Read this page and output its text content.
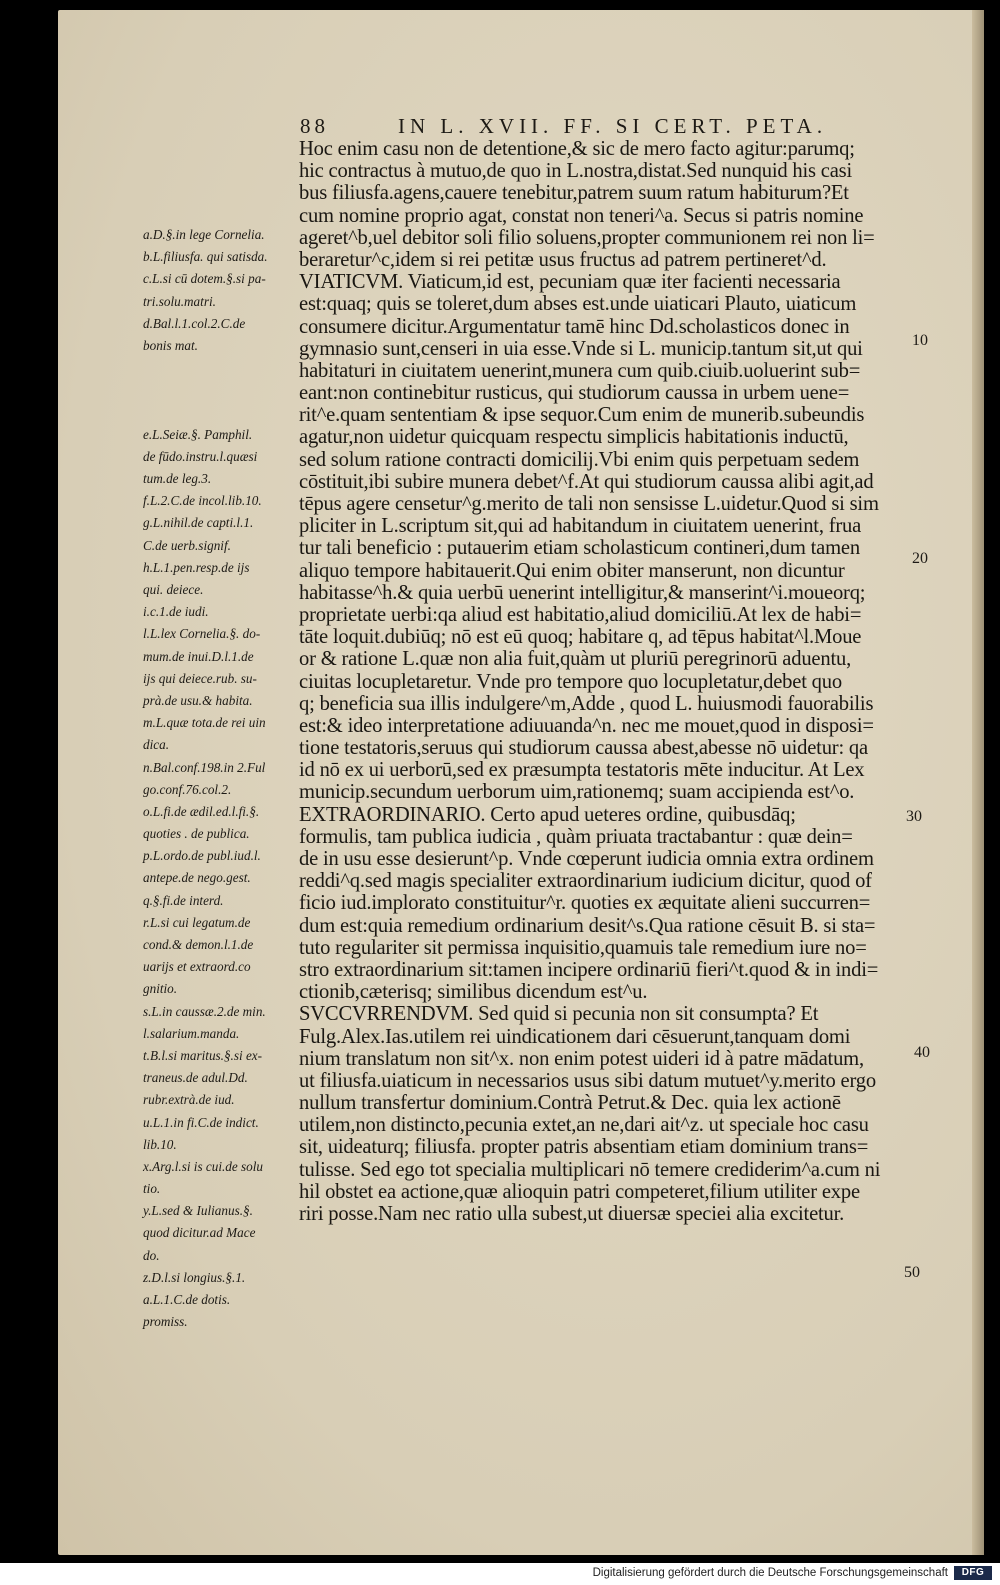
88	IN L. XVII. FF. SI CERT. PETA.
Hoc enim casu non de detentione,& sic de mero facto agitur:parumq;
hic contractus à mutuo,de quo in L.nostra,distat.Sed nunquid his casi
bus filiusfa.agens,cauere tenebitur,patrem suum ratum habiturum?Et
cum nomine proprio agat, constat non teneri^a. Secus si patris nomine
ageret^b,uel debitor soli filio soluens,propter communionem rei non li=
beraretur^c,idem si rei petitæ usus fructus ad patrem pertineret^d.
VIATICVM. Viaticum,id est, pecuniam quæ iter facienti necessaria
est:quaq; quis se toleret,dum abses est.unde uiaticari Plauto, uiaticum
consumere dicitur.Argumentatur tamē hinc Dd.scholasticos donec in
gymnasio sunt,censeri in uia esse.Vnde si L. municip.tantum sit,ut qui
habitaturi in ciuitatem uenerint,munera cum quib.ciuib.uoluerint sub=
eant:non continebitur rusticus, qui studiorum caussa in urbem uene=
rit^e.quam sententiam & ipse sequor.Cum enim de munerib.subeundis
agatur,non uidetur quicquam respectu simplicis habitationis inductū,
sed solum ratione contracti domicilij.Vbi enim quis perpetuam sedem
cōstituit,ibi subire munera debet^f.At qui studiorum caussa alibi agit,ad
tēpus agere censetur^g.merito de tali non sensisse L.uidetur.Quod si sim
pliciter in L.scriptum sit,qui ad habitandum in ciuitatem uenerint, frua
tur tali beneficio : putauerim etiam scholasticum contineri,dum tamen
aliquo tempore habitauerit.Qui enim obiter manserunt, non dicuntur
habitasse^h.& quia uerbū uenerint intelligitur,& manserint^i.moueorq;
proprietate uerbi:qa aliud est habitatio,aliud domiciliū.At lex de habi=
tāte loquit.dubiūq; nō est eū quoq; habitare q, ad tēpus habitat^l.Moue
or & ratione L.quæ non alia fuit,quàm ut pluriū peregrinorū aduentu,
ciuitas locupletaretur. Vnde pro tempore quo locupletatur,debet quo
q; beneficia sua illis indulgere^m,Adde , quod L. huiusmodi fauorabilis
est:& ideo interpretatione adiuuanda^n. nec me mouet,quod in disposi=
tione testatoris,seruus qui studiorum caussa abest,abesse nō uidetur: qa
id nō ex ui uerborū,sed ex præsumpta testatoris mēte inducitur. At Lex
municip.secundum uerborum uim,rationemq; suam accipienda est^o.
EXTRAORDINARIO. Certo apud ueteres ordine, quibusdāq;
formulis, tam publica iudicia , quàm priuata tractabantur : quæ dein=
de in usu esse desierunt^p. Vnde cœperunt iudicia omnia extra ordinem
reddi^q.sed magis specialiter extraordinarium iudicium dicitur, quod of
ficio iud.implorato constituitur^r. quoties ex æquitate alieni succurren=
dum est:quia remedium ordinarium desit^s.Qua ratione cēsuit B. si sta=
tuto regulariter sit permissa inquisitio,quamuis tale remedium iure no=
stro extraordinarium sit:tamen incipere ordinariū fieri^t.quod & in indi=
ctionib,cæterisq; similibus dicendum est^u.
SVCCVRRENDVM. Sed quid si pecunia non sit consumpta? Et
Fulg.Alex.Ias.utilem rei uindicationem dari cēsuerunt,tanquam domi
nium translatum non sit^x. non enim potest uideri id à patre mādatum,
ut filiusfa.uiaticum in necessarios usus sibi datum mutuet^y.merito ergo
nullum transfertur dominium.Contrà Petrut.& Dec. quia lex actionē
utilem,non distincto,pecunia extet,an ne,dari ait^z. ut speciale hoc casu
sit, uideaturq; filiusfa. propter patris absentiam etiam dominium trans=
tulisse. Sed ego tot specialia multiplicari nō temere crediderim^a.cum ni
hil obstet ea actione,quæ alioquin patri competeret,filium utiliter expe
riri posse.Nam nec ratio ulla subest,ut diuersæ speciei alia excitetur.
a.D.§.in lege Cornelia.
b.L.filiusfa. qui satisda.
c.L.si cū dotem.§.si pa-
tri.solu.matri.
d.Bal.l.1.col.2.C.de
bonis mat.
e.L.Seiæ.§. Pamphil.
de fūdo.instru.l.quæsi
tum.de leg.3.
f.L.2.C.de incol.lib.10.
g.L.nihil.de capti.l.1.
C.de uerb.signif.
h.L.1.pen.resp.de ijs
qui. deiece.
i.c.1.de iudi.
l.L.lex Cornelia.§. do-
mum.de inui.D.l.1.de
ijs qui deiece.rub. su-
prà.de usu.& habita.
m.L.quæ tota.de rei uin
dica.
n.Bal.conf.198.in 2.Ful
go.conf.76.col.2.
o.L.fi.de ædil.ed.l.fi.§.
quoties . de publica.
p.L.ordo.de publ.iud.l.
antepe.de nego.gest.
q.§.fi.de interd.
r.L.si cui legatum.de
cond.& demon.l.1.de
uarijs et extraord.co
gnitio.
s.L.in caussæ.2.de min.
l.salarium.manda.
t.B.l.si maritus.§.si ex-
traneus.de adul.Dd.
rubr.extrà.de iud.
u.L.1.in fi.C.de indict.
lib.10.
x.Arg.l.si is cui.de solu
tio.
y.L.sed & Iulianus.§.
quod dicitur.ad Mace
do.
z.D.l.si longius.§.1.
a.L.1.C.de dotis.
promiss.
10
20
30
40
50
Digitalisierung gefördert durch die Deutsche Forschungsgemeinschaft	DFG
